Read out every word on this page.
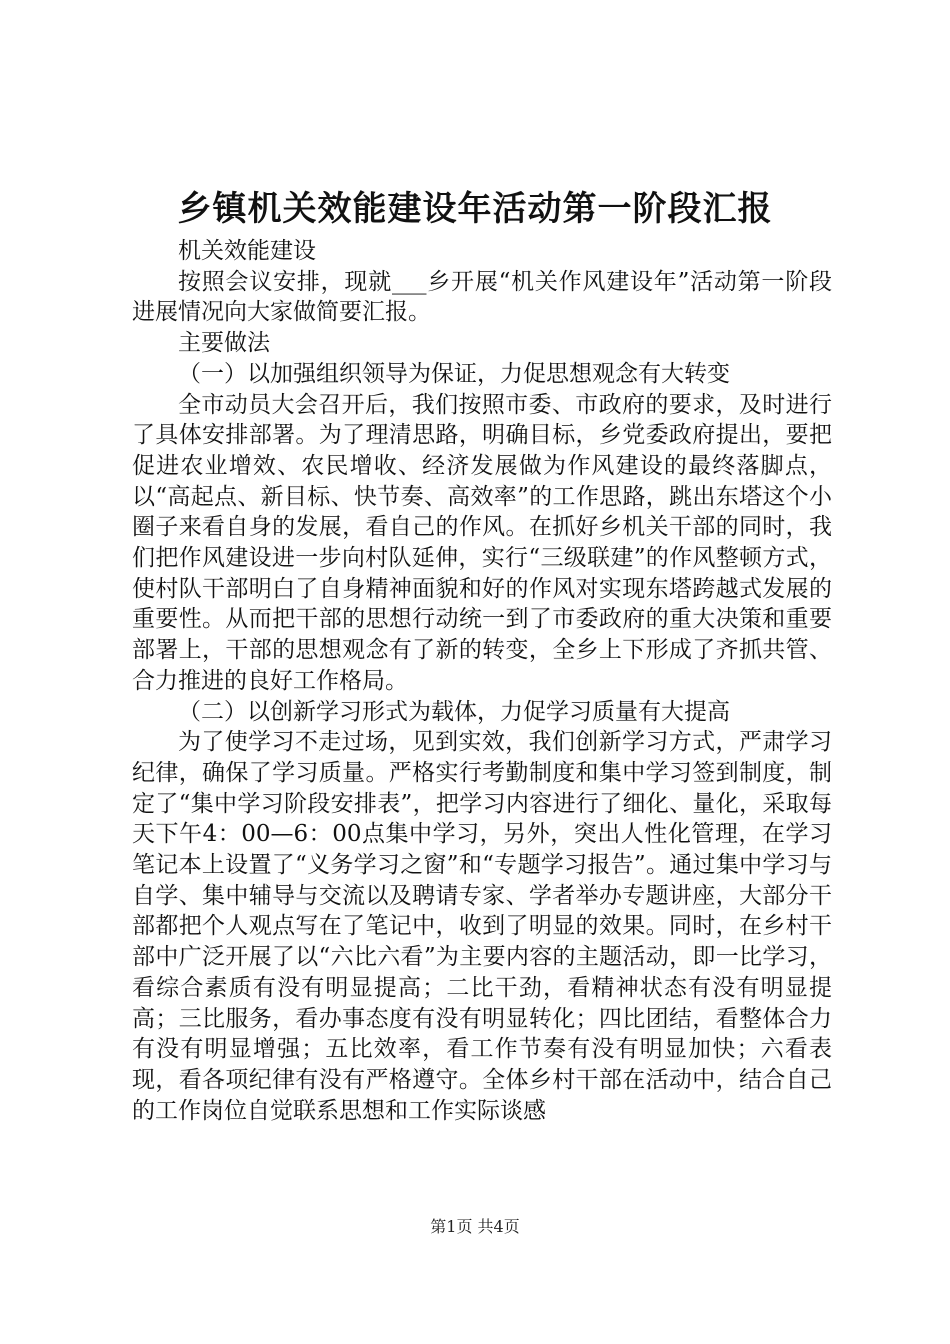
乡镇机关效能建设年活动第一阶段汇报

机关效能建设

按照会议安排，现就___乡开展“机关作风建设年”活动第一阶段进展情况向大家做简要汇报。

主要做法

（一）以加强组织领导为保证，力促思想观念有大转变

全市动员大会召开后，我们按照市委、市政府的要求，及时进行了具体安排部署。为了理清思路，明确目标，乡党委政府提出，要把促进农业增效、农民增收、经济发展做为作风建设的最终落脚点，以“高起点、新目标、快节奏、高效率”的工作思路，跳出东塔这个小圈子来看自身的发展，看自己的作风。在抓好乡机关干部的同时，我们把作风建设进一步向村队延伸，实行“三级联建”的作风整顿方式，使村队干部明白了自身精神面貌和好的作风对实现东塔跨越式发展的重要性。从而把干部的思想行动统一到了市委政府的重大决策和重要部署上，干部的思想观念有了新的转变，全乡上下形成了齐抓共管、合力推进的良好工作格局。

（二）以创新学习形式为载体，力促学习质量有大提高

为了使学习不走过场，见到实效，我们创新学习方式，严肃学习纪律，确保了学习质量。严格实行考勤制度和集中学习签到制度，制定了“集中学习阶段安排表”，把学习内容进行了细化、量化，采取每天下午4：00—6：00点集中学习，另外，突出人性化管理，在学习笔记本上设置了“义务学习之窗”和“专题学习报告”。通过集中学习与自学、集中辅导与交流以及聘请专家、学者举办专题讲座，大部分干部都把个人观点写在了笔记中，收到了明显的效果。同时，在乡村干部中广泛开展了以“六比六看”为主要内容的主题活动，即一比学习，看综合素质有没有明显提高；二比干劲，看精神状态有没有明显提高；三比服务，看办事态度有没有明显转化；四比团结，看整体合力有没有明显增强；五比效率，看工作节奏有没有明显加快；六看表现，看各项纪律有没有严格遵守。全体乡村干部在活动中，结合自己的工作岗位自觉联系思想和工作实际谈感

第1页 共4页
